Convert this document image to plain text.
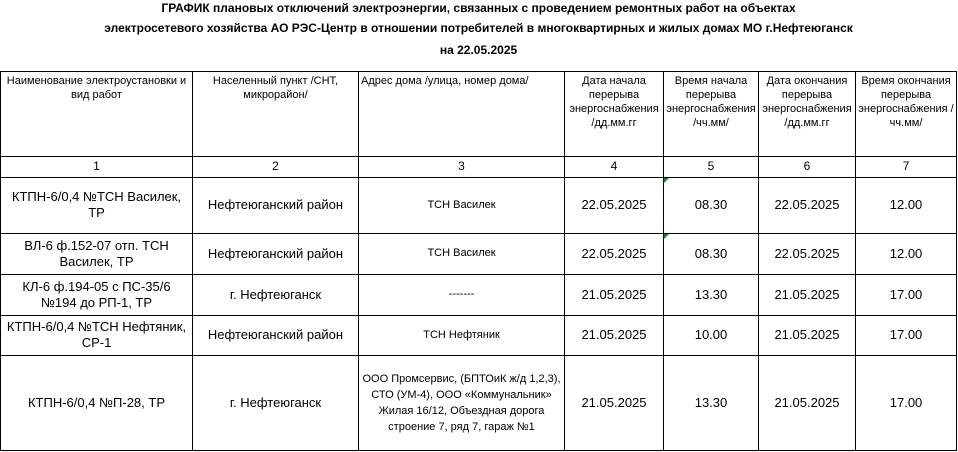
ГРАФИК плановых отключений электроэнергии, связанных с проведением ремонтных работ на объектах						
электросетевого хозяйства АО РЭС-Центр в отношении потребителей в многоквартирных и жилых домах МО г.Нефтеюганск						
на 22.05.2025						

Наименование электроустановки и вид работ	Населенный пункт /СНТ, микрорайон/	Адрес дома /улица, номер дома/	Дата начала перерыва энергоснабжения /дд.мм.гг	Время начала перерыва энергоснабжения /чч.мм/	Дата окончания перерыва энергоснабжения /дд.мм.гг	Время окончания перерыва энергоснабжения /чч.мм/
1	2	3	4	5	6	7
КТПН-6/0,4 №ТСН Василек, ТР	Нефтеюганский район	ТСН Василек	22.05.2025	08.30	22.05.2025	12.00
ВЛ-6 ф.152-07 отп. ТСН Василек, ТР	Нефтеюганский район	ТСН Василек	22.05.2025	08.30	22.05.2025	12.00
КЛ-6 ф.194-05 с ПС-35/6 №194 до РП-1, ТР	г. Нефтеюганск	-------	21.05.2025	13.30	21.05.2025	17.00
КТПН-6/0,4 №ТСН Нефтяник, СР-1	Нефтеюганский район	ТСН Нефтяник	21.05.2025	10.00	21.05.2025	17.00
КТПН-6/0,4 №П-28, ТР	г. Нефтеюганск	ООО Промсервис, (БПТОиК ж/д 1,2,3), СТО (УМ-4), ООО «Коммунальник» Жилая 16/12, Объездная дорога строение 7, ряд 7, гараж №1	21.05.2025	13.30	21.05.2025	17.00
